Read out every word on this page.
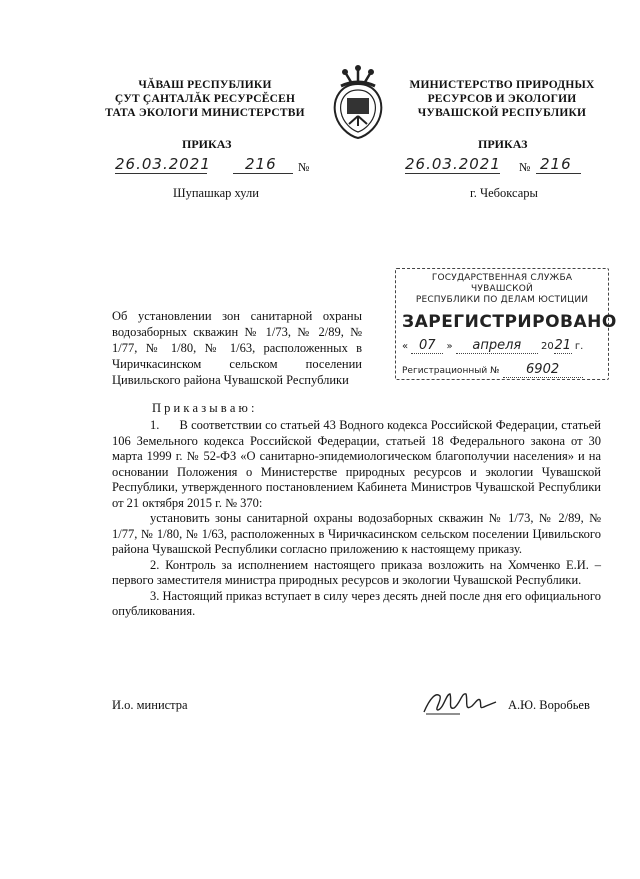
ЧĂВАШ РЕСПУБЛИКИ
ÇУТ ÇАНТАЛĂК РЕСУРСĔСЕН
ТАТА ЭКОЛОГИ МИНИСТЕРСТВИ
МИНИСТЕРСТВО ПРИРОДНЫХ
РЕСУРСОВ И ЭКОЛОГИИ
ЧУВАШСКОЙ РЕСПУБЛИКИ
ПРИКАЗ	ПРИКАЗ
26.03.2021	216	№	26.03.2021 № 216
Шупашкар хули	г. Чебоксары
ГОСУДАРСТВЕННАЯ СЛУЖБА ЧУВАШСКОЙ
РЕСПУБЛИКИ ПО ДЕЛАМ ЮСТИЦИИ
ЗАРЕГИСТРИРОВАНО
« 07 » апреля 2021 г.
Регистрационный № 6902
Об установлении зон санитарной охраны водозаборных скважин № 1/73, № 2/89, № 1/77, № 1/80, № 1/63, расположенных в Чиричкасинском сельском поселении Цивильского района Чувашской Республики
П р и к а з ы в а ю :
1.      В соответствии со статьей 43 Водного кодекса Российской Федерации, статьей 106 Земельного кодекса Российской Федерации, статьей 18 Федерального закона от 30 марта 1999 г. № 52-ФЗ «О санитарно-эпидемиологическом благополучии населения» и на основании Положения о Министерстве природных ресурсов и экологии Чувашской Республики, утвержденного постановлением Кабинета Министров Чувашской Республики от 21 октября 2015 г. № 370:
установить зоны санитарной охраны водозаборных скважин № 1/73, № 2/89, № 1/77, № 1/80, № 1/63, расположенных в Чиричкасинском сельском поселении Цивильского района Чувашской Республики согласно приложению к настоящему приказу.
2. Контроль за исполнением настоящего приказа возложить на Хомченко Е.И. – первого заместителя министра природных ресурсов и экологии Чувашской Республики.
3. Настоящий приказ вступает в силу через десять дней после дня его официального опубликования.
И.о. министра	А.Ю. Воробьев
